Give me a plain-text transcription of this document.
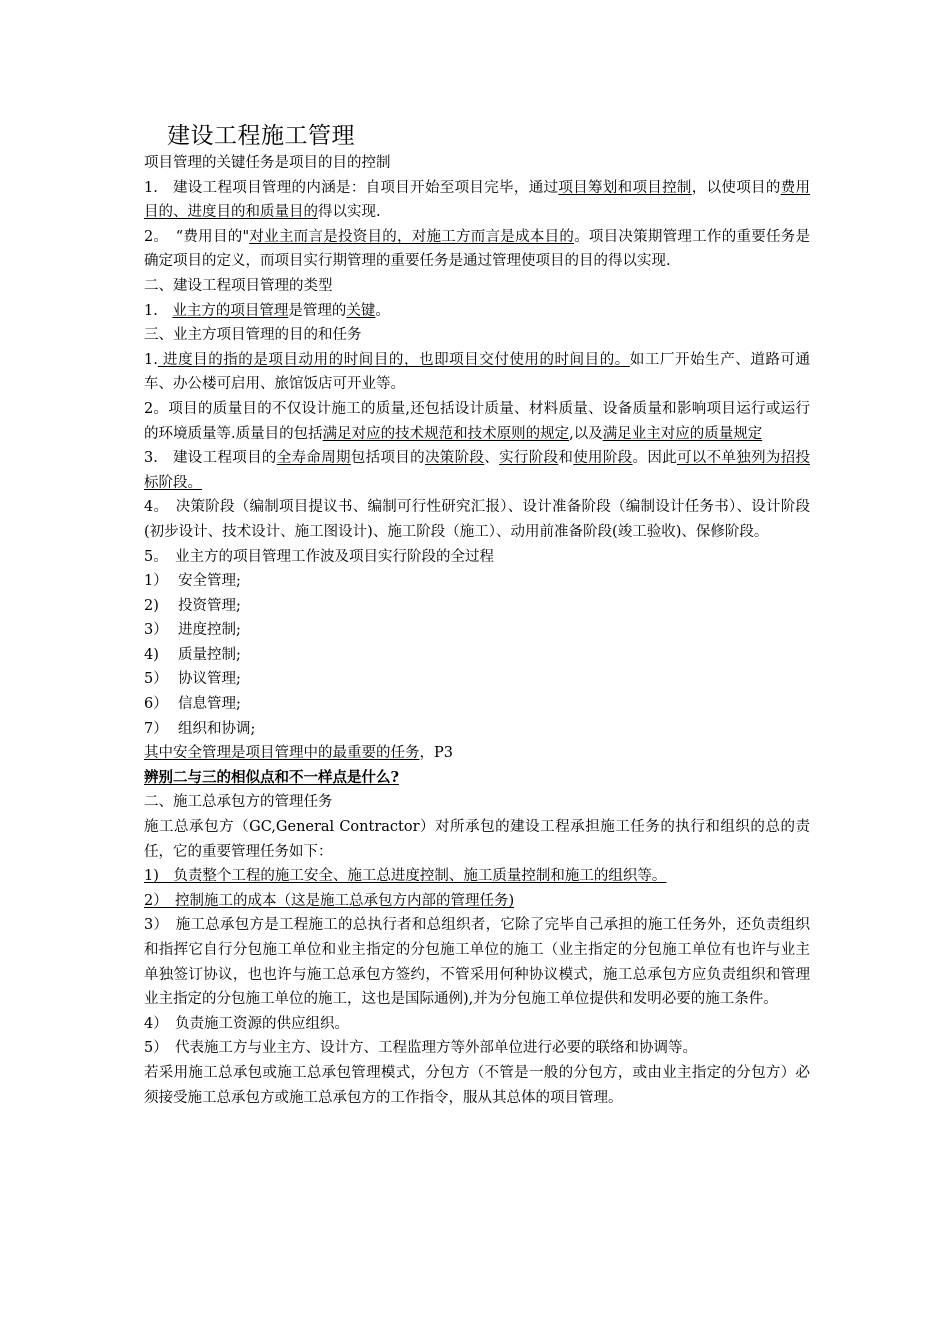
建设工程施工管理

项目管理的关键任务是项目的目的控制

1.　建设工程项目管理的内涵是：自项目开始至项目完毕，通过项目筹划和项目控制，以使项目的费用目的、进度目的和质量目的得以实现.

2。　“费用目的"对业主而言是投资目的，对施工方而言是成本目的。项目决策期管理工作的重要任务是确定项目的定义，而项目实行期管理的重要任务是通过管理使项目的目的得以实现.

二、建设工程项目管理的类型

1.　业主方的项目管理是管理的关键。

三、业主方项目管理的目的和任务

1. 进度目的指的是项目动用的时间目的，也即项目交付使用的时间目的。如工厂开始生产、道路可通车、办公楼可启用、旅馆饭店可开业等。

2。项目的质量目的不仅设计施工的质量,还包括设计质量、材料质量、设备质量和影响项目运行或运行的环境质量等.质量目的包括满足对应的技术规范和技术原则的规定,以及满足业主对应的质量规定

3.　建设工程项目的全寿命周期包括项目的决策阶段、实行阶段和使用阶段。因此可以不单独列为招投标阶段。

4。　决策阶段（编制项目提议书、编制可行性研究汇报）、设计准备阶段（编制设计任务书）、设计阶段(初步设计、技术设计、施工图设计)、施工阶段（施工）、动用前准备阶段(竣工验收)、保修阶段。

5。　业主方的项目管理工作波及项目实行阶段的全过程

1） 安全管理;
2)	投资管理;
3） 进度控制;
4)	质量控制;
5） 协议管理;
6） 信息管理;
7） 组织和协调;

其中安全管理是项目管理中的最重要的任务，P3

辨别二与三的相似点和不一样点是什么?

二、施工总承包方的管理任务

施工总承包方（GC,General Contractor）对所承包的建设工程承担施工任务的执行和组织的总的责任，它的重要管理任务如下：

1)　负责整个工程的施工安全、施工总进度控制、施工质量控制和施工的组织等。

2）　控制施工的成本（这是施工总承包方内部的管理任务)

3）　施工总承包方是工程施工的总执行者和总组织者，它除了完毕自己承担的施工任务外，还负责组织和指挥它自行分包施工单位和业主指定的分包施工单位的施工（业主指定的分包施工单位有也许与业主单独签订协议，也也许与施工总承包方签约，不管采用何种协议模式，施工总承包方应负责组织和管理业主指定的分包施工单位的施工，这也是国际通例),并为分包施工单位提供和发明必要的施工条件。

4）　负责施工资源的供应组织。

5）　代表施工方与业主方、设计方、工程监理方等外部单位进行必要的联络和协调等。

若采用施工总承包或施工总承包管理模式，分包方（不管是一般的分包方，或由业主指定的分包方）必须接受施工总承包方或施工总承包方的工作指令，服从其总体的项目管理。
